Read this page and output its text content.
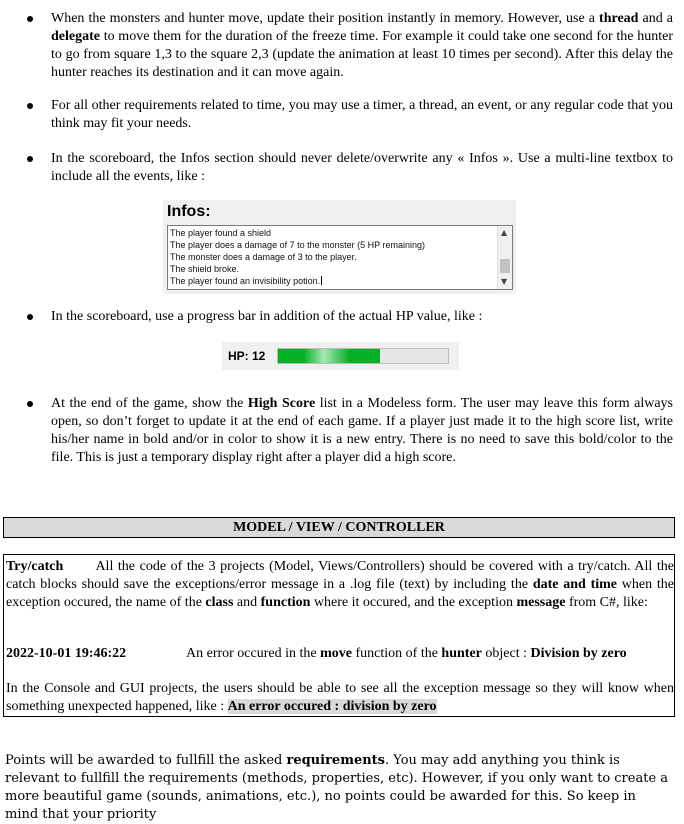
When the monsters and hunter move, update their position instantly in memory. However, use a thread and a delegate to move them for the duration of the freeze time. For example it could take one second for the hunter to go from square 1,3 to the square 2,3 (update the animation at least 10 times per second). After this delay the hunter reaches its destination and it can move again.
For all other requirements related to time, you may use a timer, a thread, an event, or any regular code that you think may fit your needs.
In the scoreboard, the Infos section should never delete/overwrite any « Infos ». Use a multi-line textbox to include all the events, like :
Infos:
The player found a shield
The player does a damage of 7 to the monster (5 HP remaining)
The monster does a damage of 3 to the player.
The shield broke.
The player found an invisibility potion.
▲
▼
In the scoreboard, use a progress bar in addition of the actual HP value, like :
HP: 12
At the end of the game, show the High Score list in a Modeless form. The user may leave this form always open, so don’t forget to update it at the end of each game. If a player just made it to the high score list, write his/her name in bold and/or in color to show it is a new entry. There is no need to save this bold/color to the file. This is just a temporary display right after a player did a high score.
MODEL / VIEW / CONTROLLER
Try/catch All the code of the 3 projects (Model, Views/Controllers) should be covered with a try/catch. All the catch blocks should save the exceptions/error message in a .log file (text) by including the date and time when the exception occured, the name of the class and function where it occured, and the exception message from C#, like:
2022-10-01 19:46:22	An error occured in the move function of the hunter object : Division by zero
In the Console and GUI projects, the users should be able to see all the exception message so they will know when something unexpected happened, like : An error occured : division by zero
Points will be awarded to fullfill the asked requirements. You may add anything you think is relevant to fullfill the requirements (methods, properties, etc). However, if you only want to create a more beautiful game (sounds, animations, etc.), no points could be awarded for this. So keep in mind that your priority
